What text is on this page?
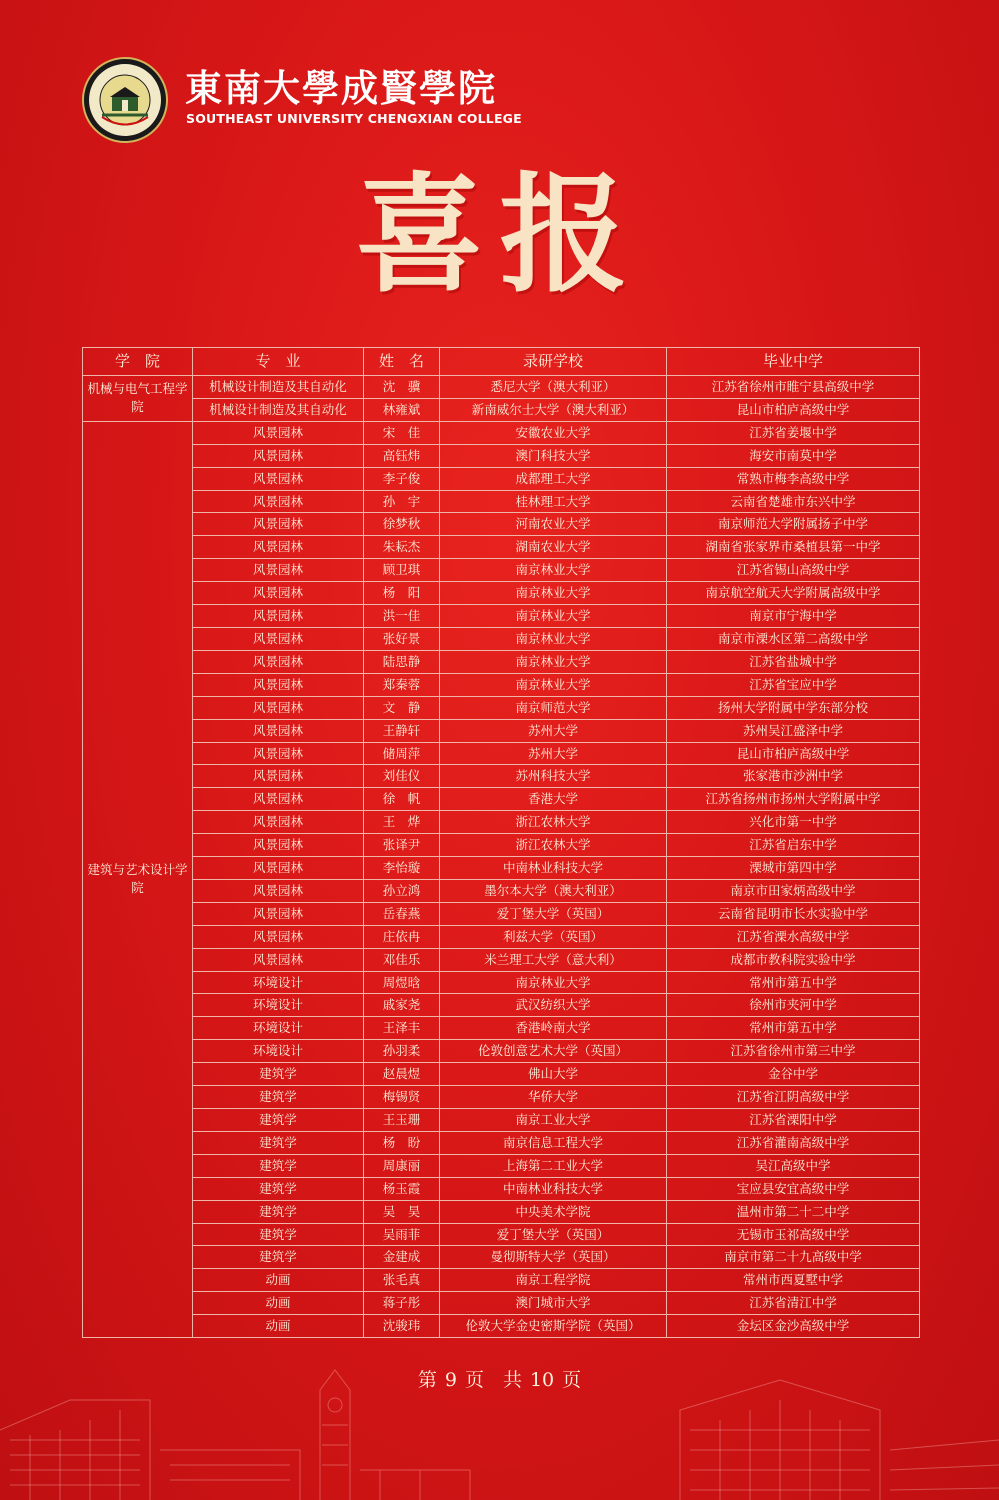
東南大學成賢學院
SOUTHEAST UNIVERSITY CHENGXIAN COLLEGE
喜报
学　院	专　业	姓　名	录研学校	毕业中学
机械与电气工程学院	机械设计制造及其自动化	沈　骥	悉尼大学（澳大利亚）	江苏省徐州市睢宁县高级中学
	机械设计制造及其自动化	林雍斌	新南威尔士大学（澳大利亚）	昆山市柏庐高级中学
建筑与艺术设计学院	风景园林	宋　佳	安徽农业大学	江苏省姜堰中学
	风景园林	高钰炜	澳门科技大学	海安市南莫中学
	风景园林	李子俊	成都理工大学	常熟市梅李高级中学
	风景园林	孙　宇	桂林理工大学	云南省楚雄市东兴中学
	风景园林	徐梦秋	河南农业大学	南京师范大学附属扬子中学
	风景园林	朱耘杰	湖南农业大学	湖南省张家界市桑植县第一中学
	风景园林	顾卫琪	南京林业大学	江苏省锡山高级中学
	风景园林	杨　阳	南京林业大学	南京航空航天大学附属高级中学
	风景园林	洪一佳	南京林业大学	南京市宁海中学
	风景园林	张好景	南京林业大学	南京市溧水区第二高级中学
	风景园林	陆思静	南京林业大学	江苏省盐城中学
	风景园林	郑秦蓉	南京林业大学	江苏省宝应中学
	风景园林	文　静	南京师范大学	扬州大学附属中学东部分校
	风景园林	王静轩	苏州大学	苏州吴江盛泽中学
	风景园林	储周萍	苏州大学	昆山市柏庐高级中学
	风景园林	刘佳仪	苏州科技大学	张家港市沙洲中学
	风景园林	徐　帆	香港大学	江苏省扬州市扬州大学附属中学
	风景园林	王　烨	浙江农林大学	兴化市第一中学
	风景园林	张译尹	浙江农林大学	江苏省启东中学
	风景园林	李怡璇	中南林业科技大学	溧城市第四中学
	风景园林	孙立鸿	墨尔本大学（澳大利亚）	南京市田家炳高级中学
	风景园林	岳春燕	爱丁堡大学（英国）	云南省昆明市长水实验中学
	风景园林	庄依冉	利兹大学（英国）	江苏省溧水高级中学
	风景园林	邓佳乐	米兰理工大学（意大利）	成都市教科院实验中学
	环境设计	周煜晗	南京林业大学	常州市第五中学
	环境设计	戚家尧	武汉纺织大学	徐州市夹河中学
	环境设计	王泽丰	香港岭南大学	常州市第五中学
	环境设计	孙羽柔	伦敦创意艺术大学（英国）	江苏省徐州市第三中学
	建筑学	赵晨煜	佛山大学	金谷中学
	建筑学	梅锡贤	华侨大学	江苏省江阴高级中学
	建筑学	王玉珊	南京工业大学	江苏省溧阳中学
	建筑学	杨　盼	南京信息工程大学	江苏省灌南高级中学
	建筑学	周康丽	上海第二工业大学	吴江高级中学
	建筑学	杨玉霞	中南林业科技大学	宝应县安宜高级中学
	建筑学	吴　昊	中央美术学院	温州市第二十二中学
	建筑学	吴雨菲	爱丁堡大学（英国）	无锡市玉祁高级中学
	建筑学	金建成	曼彻斯特大学（英国）	南京市第二十九高级中学
	动画	张毛真	南京工程学院	常州市西夏墅中学
	动画	蒋子彤	澳门城市大学	江苏省清江中学
	动画	沈骏玮	伦敦大学金史密斯学院（英国）	金坛区金沙高级中学
第 9 页　共 10 页
